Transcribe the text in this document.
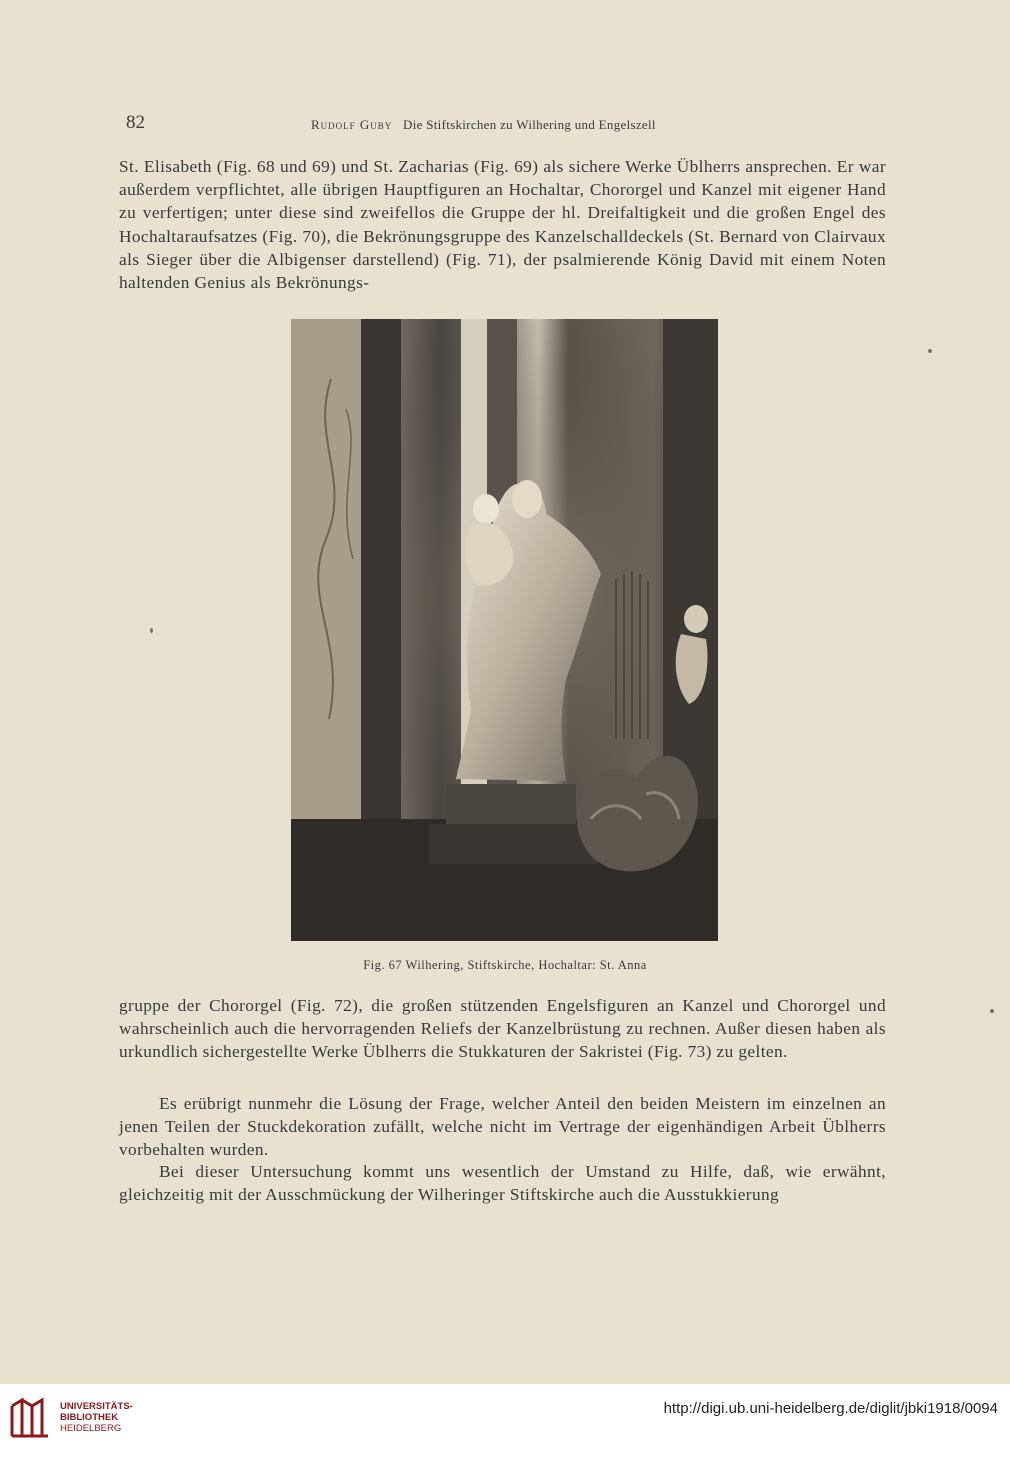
82	Rudolf Guby Die Stiftskirchen zu Wilhering und Engelszell

St. Elisabeth (Fig. 68 und 69) und St. Zacharias (Fig. 69) als sichere Werke Üblherrs ansprechen. Er war außerdem verpflichtet, alle übrigen Hauptfiguren an Hochaltar, Chororgel und Kanzel mit eigener Hand zu verfertigen; unter diese sind zweifellos die Gruppe der hl. Dreifaltigkeit und die großen Engel des Hochaltaraufsatzes (Fig. 70), die Bekrönungsgruppe des Kanzelschalldeckels (St. Bernard von Clairvaux als Sieger über die Albigenser darstellend) (Fig. 71), der psalmierende König David mit einem Noten haltenden Genius als Bekrönungs-

Fig. 67 Wilhering, Stiftskirche, Hochaltar: St. Anna

gruppe der Chororgel (Fig. 72), die großen stützenden Engelsfiguren an Kanzel und Chororgel und wahrscheinlich auch die hervorragenden Reliefs der Kanzelbrüstung zu rechnen. Außer diesen haben als urkundlich sichergestellte Werke Üblherrs die Stukkaturen der Sakristei (Fig. 73) zu gelten.

Es erübrigt nunmehr die Lösung der Frage, welcher Anteil den beiden Meistern im einzelnen an jenen Teilen der Stuckdekoration zufällt, welche nicht im Vertrage der eigenhändigen Arbeit Üblherrs vorbehalten wurden.

Bei dieser Untersuchung kommt uns wesentlich der Umstand zu Hilfe, daß, wie erwähnt, gleichzeitig mit der Ausschmückung der Wilheringer Stiftskirche auch die Ausstukkierung

UNIVERSITÄTS-
BIBLIOTHEK
HEIDELBERG
http://digi.ub.uni-heidelberg.de/diglit/jbki1918/0094
